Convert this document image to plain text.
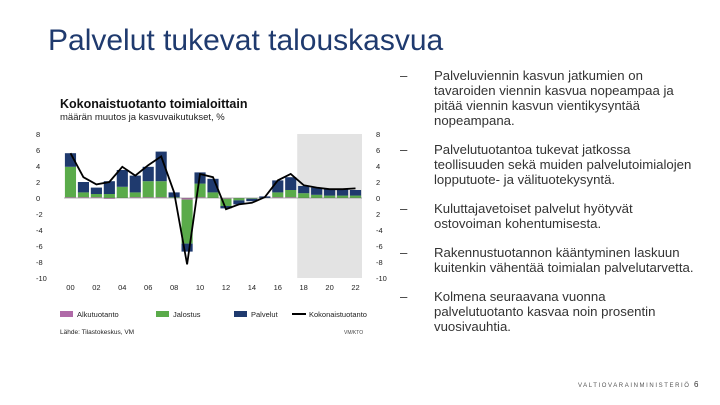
Palvelut tukevat talouskasvua
Kokonaistuotanto toimialoittain
määrän muutos ja kasvuvaikutukset, %
8	8
6	6
4	4
2	2
0	0
-2	2
-4	-4
-6	-6
-8	-8
-10	-10
00 02 04 06 08 10 12 14 16 18 20 22
Alkutuotanto	Jalostus	Palvelut	Kokonaistuotanto
Lähde: Tilastokeskus, VM	VM/KTO
–	Palveluviennin kasvun jatkumien on tavaroiden viennin kasvua nopeampaa ja pitää viennin kasvun vientikysyntää nopeampana.
–	Palvelutuotantoa tukevat jatkossa teollisuuden sekä muiden palvelutoimialojen lopputuote- ja välituotekysyntä.
–	Kuluttajavetoiset palvelut hyötyvät ostovoiman kohentumisesta.
–	Rakennustuotannon kääntyminen laskuun kuitenkin vähentää toimialan palvelutarvetta.
–	Kolmena seuraavana vuonna palvelutuotanto kasvaa noin prosentin vuosivauhtia.
VALTIOVARAINMINISTERIÖ 6
